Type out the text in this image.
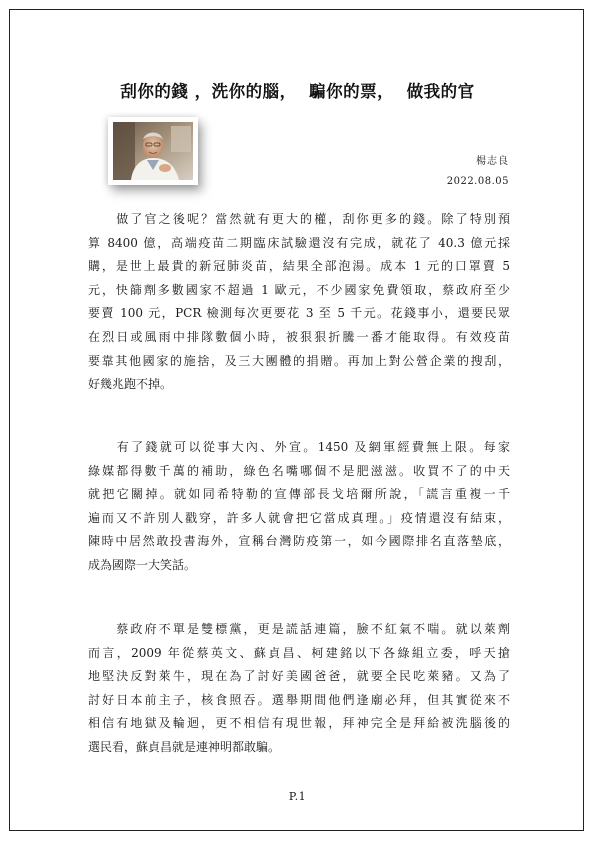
刮你的錢 ，洗你的腦，  騙你的票，  做我的官
楊志良
2022.08.05
　　做了官之後呢？當然就有更大的權，刮你更多的錢。除了特別預
算 8400 億，高端疫苗二期臨床試驗還沒有完成，就花了 40.3 億元採
購，是世上最貴的新冠肺炎苗，結果全部泡湯。成本 1 元的口罩賣 5
元，快篩劑多數國家不超過 1 歐元，不少國家免費領取，蔡政府至少
要賣 100 元，PCR 檢測每次更要花 3 至 5 千元。花錢事小，還要民眾
在烈日或風雨中排隊數個小時，被狠狠折騰一番才能取得。有效疫苗
要靠其他國家的施捨，及三大團體的捐贈。再加上對公營企業的搜刮，
好幾兆跑不掉。
　　有了錢就可以從事大內、外宣。1450 及網軍經費無上限。每家
綠媒都得數千萬的補助，綠色名嘴哪個不是肥滋滋。收買不了的中天
就把它關掉。就如同希特勒的宣傳部長戈培爾所說，「謊言重複一千
遍而又不許別人戳穿，許多人就會把它當成真理。」疫情還沒有結束，
陳時中居然敢投書海外，宣稱台灣防疫第一，如今國際排名直落墊底，
成為國際一大笑話。
　　蔡政府不單是雙標黨，更是謊話連篇，臉不紅氣不喘。就以萊劑
而言，2009 年從蔡英文、蘇貞昌、柯建銘以下各綠組立委，呼天搶
地堅決反對萊牛，現在為了討好美國爸爸，就要全民吃萊豬。又為了
討好日本前主子，核食照吞。選舉期間他們逢廟必拜，但其實從來不
相信有地獄及輪迴，更不相信有現世報，拜神完全是拜給被洗腦後的
選民看，蘇貞昌就是連神明都敢騙。
P.1
